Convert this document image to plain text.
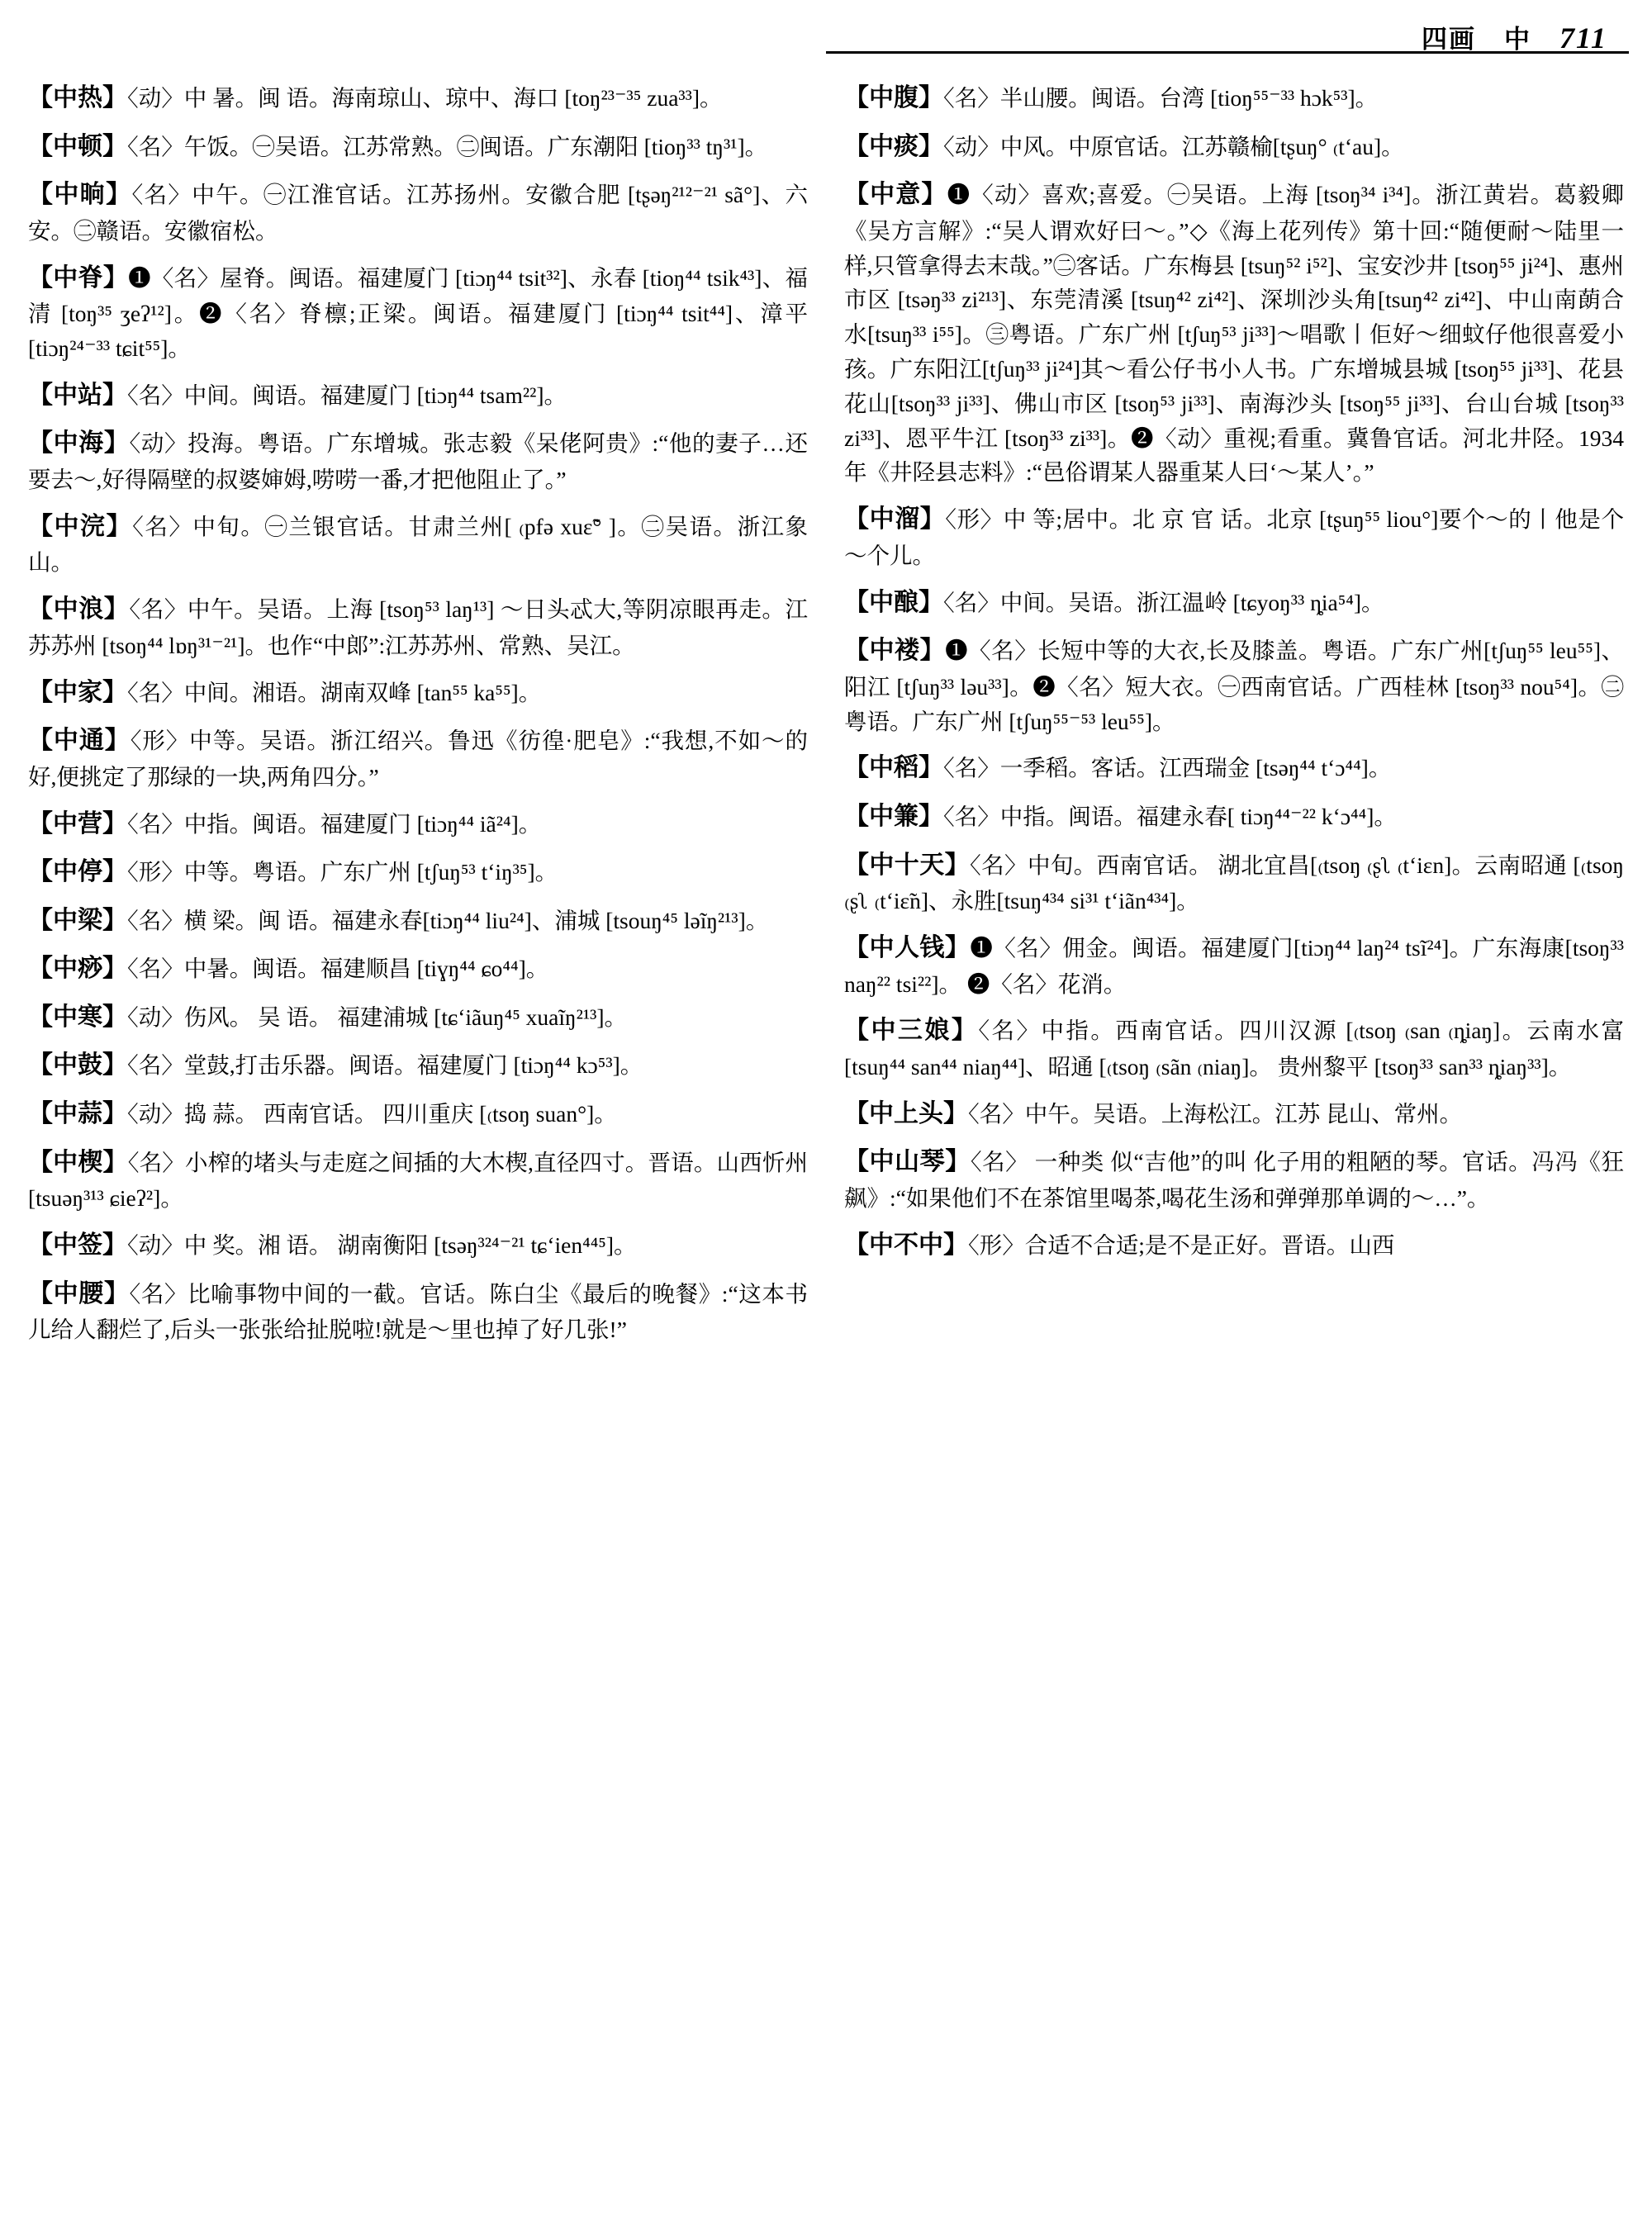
四画 中 711

【中热】〈动〉中 暑。闽 语。海南琼山、琼中、海口 [toŋ²³⁻³⁵ zua³³]。

【中顿】〈名〉午饭。㊀吴语。江苏常熟。㊁闽语。广东潮阳 [tioŋ³³ tŋ³¹]。

【中晌】〈名〉中午。㊀江淮官话。江苏扬州。安徽合肥 [tʂəŋ²¹²⁻²¹ sã°]、六安。㊁赣语。安徽宿松。

【中脊】❶〈名〉屋脊。闽语。福建厦门 [tiɔŋ⁴⁴ tsit³²]、永春 [tioŋ⁴⁴ tsik⁴³]、福清 [toŋ³⁵ ʒeʔ¹²]。❷〈名〉脊檩;正梁。闽语。福建厦门 [tiɔŋ⁴⁴ tsit⁴⁴]、漳平 [tiɔŋ²⁴⁻³³ tɕit⁵⁵]。

【中站】〈名〉中间。闽语。福建厦门 [tiɔŋ⁴⁴ tsam²²]。

【中海】〈动〉投海。粤语。广东增城。张志毅《呆佬阿贵》:“他的妻子…还要去～,好得隔壁的叔婆婶姆,唠唠一番,才把他阻止了。”

【中浣】〈名〉中旬。㊀兰银官话。甘肃兰州[ ₍pfə xuɛ̃° ]。㊁吴语。浙江象山。

【中浪】〈名〉中午。吴语。上海 [tsoŋ⁵³ laŋ¹³] ～日头忒大,等阴凉眼再走。江苏苏州 [tsoŋ⁴⁴ lɒŋ³¹⁻²¹]。也作“中郎”:江苏苏州、常熟、吴江。

【中家】〈名〉中间。湘语。湖南双峰 [tan⁵⁵ ka⁵⁵]。

【中通】〈形〉中等。吴语。浙江绍兴。鲁迅《彷徨·肥皂》:“我想,不如～的好,便挑定了那绿的一块,两角四分。”

【中营】〈名〉中指。闽语。福建厦门 [tiɔŋ⁴⁴ iã²⁴]。

【中停】〈形〉中等。粤语。广东广州 [tʃuŋ⁵³ tʻiŋ³⁵]。

【中梁】〈名〉横 梁。闽 语。福建永春[tiɔŋ⁴⁴ liu²⁴]、浦城 [tsouŋ⁴⁵ ləĩŋ²¹³]。

【中痧】〈名〉中暑。闽语。福建顺昌 [tiɣŋ⁴⁴ ɕo⁴⁴]。

【中寒】〈动〉伤风。 吴 语。 福建浦城 [tɕʻiãuŋ⁴⁵ xuaĩŋ²¹³]。

【中鼓】〈名〉堂鼓,打击乐器。闽语。福建厦门 [tiɔŋ⁴⁴ kɔ⁵³]。

【中蒜】〈动〉捣 蒜。 西南官话。 四川重庆 [₍tsoŋ suan°]。

【中楔】〈名〉小榨的堵头与走庭之间插的大木楔,直径四寸。晋语。山西忻州 [tsuəŋ³¹³ ɕieʔ²]。

【中签】〈动〉中 奖。湘 语。 湖南衡阳 [tsəŋ³²⁴⁻²¹ tɕʻien⁴⁴⁵]。

【中腰】〈名〉比喻事物中间的一截。官话。陈白尘《最后的晚餐》:“这本书儿给人翻烂了,后头一张张给扯脱啦!就是～里也掉了好几张!”

【中腹】〈名〉半山腰。闽语。台湾 [tioŋ⁵⁵⁻³³ hɔk⁵³]。

【中痰】〈动〉中风。中原官话。江苏赣榆[tʂuŋ° ₍tʻau]。

【中意】❶〈动〉喜欢;喜爱。㊀吴语。上海 [tsoŋ³⁴ i³⁴]。浙江黄岩。葛毅卿《吴方言解》:“吴人谓欢好曰～。”◇《海上花列传》第十回:“随便耐～陆里一样,只管拿得去末哉。”㊁客话。广东梅县 [tsuŋ⁵² i⁵²]、宝安沙井 [tsoŋ⁵⁵ ji²⁴]、惠州市区 [tsəŋ³³ zi²¹³]、东莞清溪 [tsuŋ⁴² zi⁴²]、深圳沙头角[tsuŋ⁴² zi⁴²]、中山南蓢合水[tsuŋ³³ i⁵⁵]。㊂粤语。广东广州 [tʃuŋ⁵³ ji³³]～唱歌丨佢好～细蚊仔他很喜爱小孩。广东阳江[tʃuŋ³³ ji²⁴]其～看公仔书小人书。广东增城县城 [tsoŋ⁵⁵ ji³³]、花县花山[tsoŋ³³ ji³³]、佛山市区 [tsoŋ⁵³ ji³³]、南海沙头 [tsoŋ⁵⁵ ji³³]、台山台城 [tsoŋ³³ zi³³]、恩平牛江 [tsoŋ³³ zi³³]。❷〈动〉重视;看重。冀鲁官话。河北井陉。1934年《井陉县志料》:“邑俗谓某人器重某人曰‘～某人’。”

【中溜】〈形〉中 等;居中。北 京 官 话。北京 [tʂuŋ⁵⁵ liou°]要个～的丨他是个～个儿。

【中酿】〈名〉中间。吴语。浙江温岭 [tɕyoŋ³³ ȵia⁵⁴]。

【中褛】❶〈名〉长短中等的大衣,长及膝盖。粤语。广东广州[tʃuŋ⁵⁵ leu⁵⁵]、阳江 [tʃuŋ³³ ləu³³]。❷〈名〉短大衣。㊀西南官话。广西桂林 [tsoŋ³³ nou⁵⁴]。㊁粤语。广东广州 [tʃuŋ⁵⁵⁻⁵³ leu⁵⁵]。

【中稻】〈名〉一季稻。客话。江西瑞金 [tsəŋ⁴⁴ tʻɔ⁴⁴]。

【中䈴】〈名〉中指。闽语。福建永春[ tiɔŋ⁴⁴⁻²² kʻɔ⁴⁴]。

【中十天】〈名〉中旬。西南官话。 湖北宜昌[₍tsoŋ ₍ʂʅ ₍tʻiɛn]。云南昭通 [₍tsoŋ ₍ʂʅ ₍tʻiɛ̃n]、永胜[tsuŋ⁴³⁴ si³¹ tʻiãn⁴³⁴]。

【中人钱】❶〈名〉佣金。闽语。福建厦门[tiɔŋ⁴⁴ laŋ²⁴ tsĩ²⁴]。广东海康[tsoŋ³³ naŋ²² tsi²²]。 ❷〈名〉花消。

【中三娘】〈名〉中指。西南官话。四川汉源 [₍tsoŋ ₍san ₍ȵiaŋ]。云南水富[tsuŋ⁴⁴ san⁴⁴ niaŋ⁴⁴]、昭通 [₍tsoŋ ₍sãn ₍niaŋ]。 贵州黎平 [tsoŋ³³ san³³ ȵiaŋ³³]。

【中上头】〈名〉中午。吴语。上海松江。江苏 昆山、常州。

【中山琴】〈名〉 一种类 似“吉他”的叫 化子用的粗陋的琴。官话。冯冯《狂飙》:“如果他们不在茶馆里喝茶,喝花生汤和弹弹那单调的～…”。

【中不中】〈形〉合适不合适;是不是正好。晋语。山西
